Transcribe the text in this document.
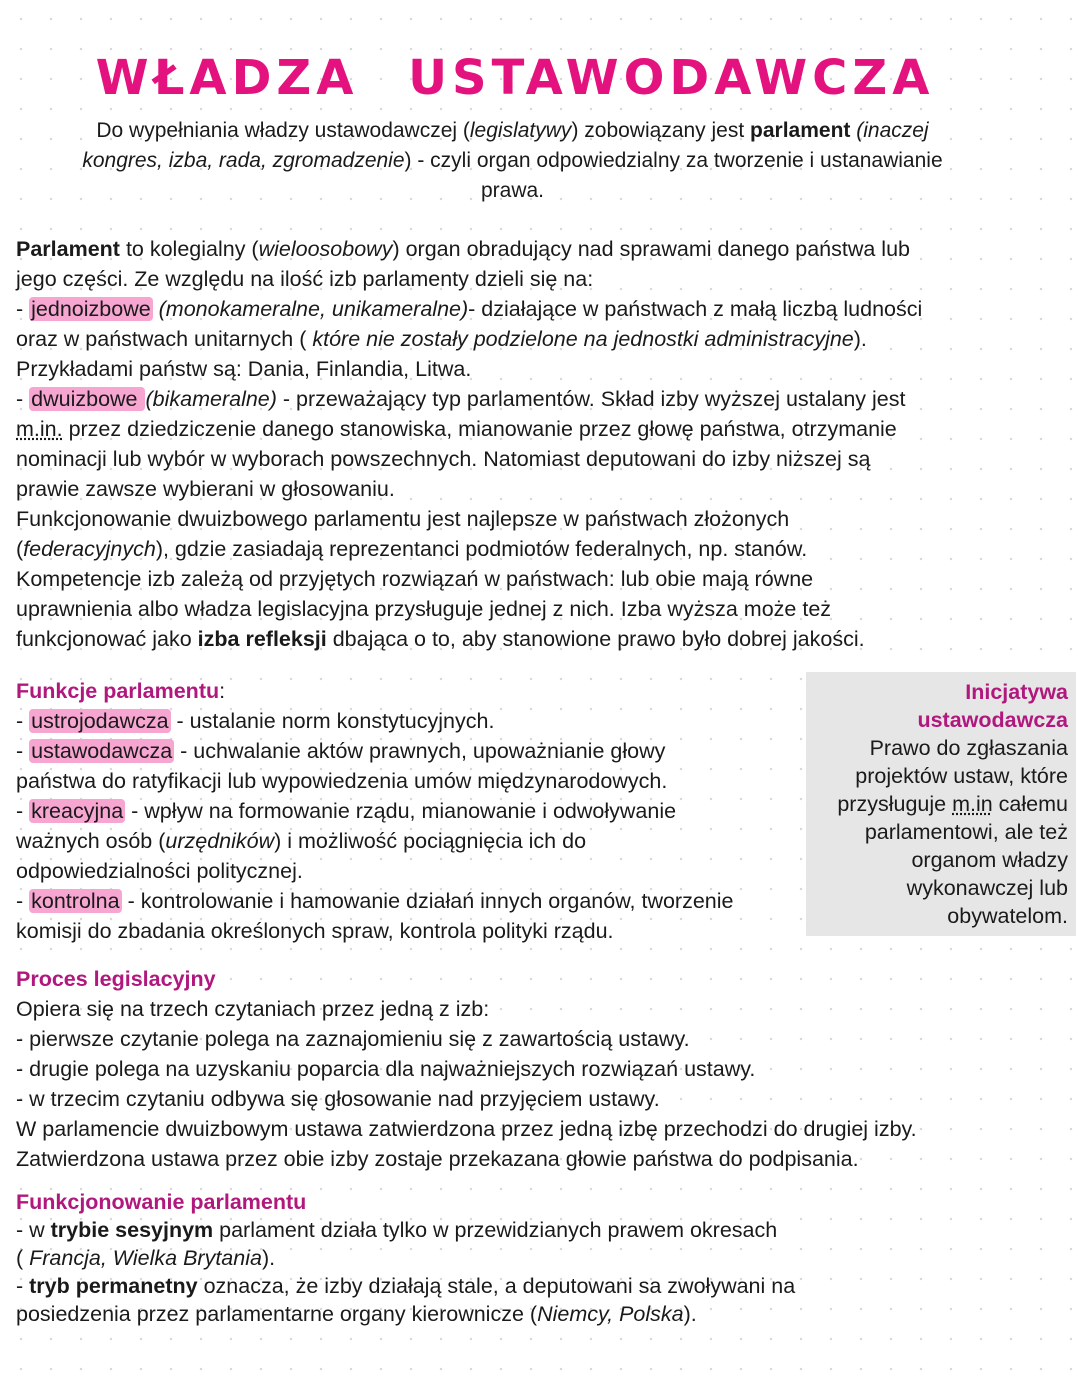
WŁADZA USTAWODAWCZA
Do wypełniania władzy ustawodawczej (legislatywy) zobowiązany jest parlament (inaczej
kongres, izba, rada, zgromadzenie) - czyli organ odpowiedzialny za tworzenie i ustanawianie
prawa.
Parlament to kolegialny (wieloosobowy) organ obradujący nad sprawami danego państwa lub
jego części. Ze względu na ilość izb parlamenty dzieli się na:
- jednoizbowe (monokameralne, unikameralne)- działające w państwach z małą liczbą ludności
oraz w państwach unitarnych ( które nie zostały podzielone na jednostki administracyjne).
Przykładami państw są: Dania, Finlandia, Litwa.
- dwuizbowe (bikameralne) - przeważający typ parlamentów. Skład izby wyższej ustalany jest
m.in. przez dziedziczenie danego stanowiska, mianowanie przez głowę państwa, otrzymanie
nominacji lub wybór w wyborach powszechnych. Natomiast deputowani do izby niższej są
prawie zawsze wybierani w głosowaniu.
Funkcjonowanie dwuizbowego parlamentu jest najlepsze w państwach złożonych
(federacyjnych), gdzie zasiadają reprezentanci podmiotów federalnych, np. stanów.
Kompetencje izb zależą od przyjętych rozwiązań w państwach: lub obie mają równe
uprawnienia albo władza legislacyjna przysługuje jednej z nich. Izba wyższa może też
funkcjonować jako izba refleksji dbająca o to, aby stanowione prawo było dobrej jakości.
Funkcje parlamentu:
- ustrojodawcza - ustalanie norm konstytucyjnych.
- ustawodawcza - uchwalanie aktów prawnych, upoważnianie głowy
państwa do ratyfikacji lub wypowiedzenia umów międzynarodowych.
- kreacyjna - wpływ na formowanie rządu, mianowanie i odwoływanie
ważnych osób (urzędników) i możliwość pociągnięcia ich do
odpowiedzialności politycznej.
- kontrolna - kontrolowanie i hamowanie działań innych organów, tworzenie
komisji do zbadania określonych spraw, kontrola polityki rządu.
Inicjatywa
ustawodawcza
Prawo do zgłaszania
projektów ustaw, które
przysługuje m.in całemu
parlamentowi, ale też
organom władzy
wykonawczej lub
obywatelom.
Proces legislacyjny
Opiera się na trzech czytaniach przez jedną z izb:
- pierwsze czytanie polega na zaznajomieniu się z zawartością ustawy.
- drugie polega na uzyskaniu poparcia dla najważniejszych rozwiązań ustawy.
- w trzecim czytaniu odbywa się głosowanie nad przyjęciem ustawy.
W parlamencie dwuizbowym ustawa zatwierdzona przez jedną izbę przechodzi do drugiej izby.
Zatwierdzona ustawa przez obie izby zostaje przekazana głowie państwa do podpisania.
Funkcjonowanie parlamentu
- w trybie sesyjnym parlament działa tylko w przewidzianych prawem okresach
( Francja, Wielka Brytania).
- tryb permanetny oznacza, że izby działają stale, a deputowani sa zwoływani na
posiedzenia przez parlamentarne organy kierownicze (Niemcy, Polska).
